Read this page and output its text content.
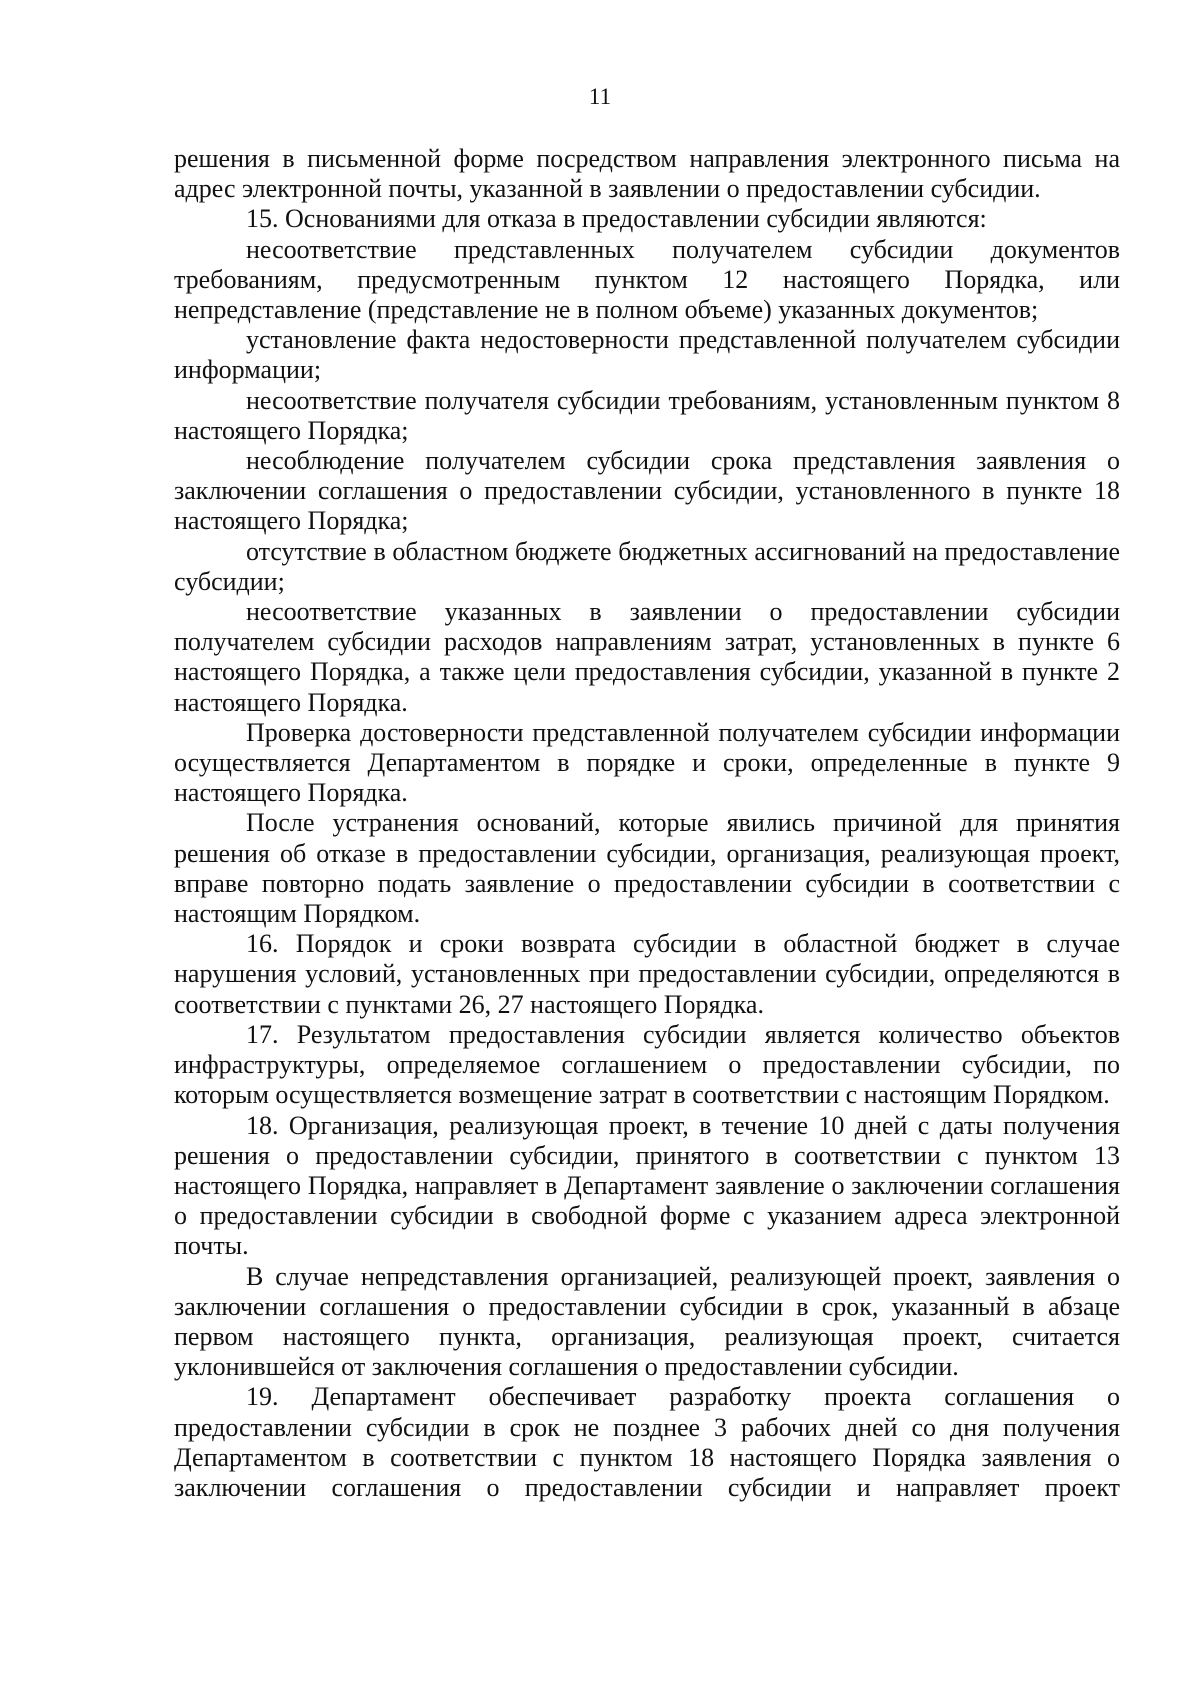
11

решения в письменной форме посредством направления электронного письма на адрес электронной почты, указанной в заявлении о предоставлении субсидии.

15. Основаниями для отказа в предоставлении субсидии являются:

несоответствие представленных получателем субсидии документов требованиям, предусмотренным пунктом 12 настоящего Порядка, или непредставление (представление не в полном объеме) указанных документов;

установление факта недостоверности представленной получателем субсидии информации;

несоответствие получателя субсидии требованиям, установленным пунктом 8 настоящего Порядка;

несоблюдение получателем субсидии срока представления заявления о заключении соглашения о предоставлении субсидии, установленного в пункте 18 настоящего Порядка;

отсутствие в областном бюджете бюджетных ассигнований на предоставление субсидии;

несоответствие указанных в заявлении о предоставлении субсидии получателем субсидии расходов направлениям затрат, установленных в пункте 6 настоящего Порядка, а также цели предоставления субсидии, указанной в пункте 2 настоящего Порядка.

Проверка достоверности представленной получателем субсидии информации осуществляется Департаментом в порядке и сроки, определенные в пункте 9 настоящего Порядка.

После устранения оснований, которые явились причиной для принятия решения об отказе в предоставлении субсидии, организация, реализующая проект, вправе повторно подать заявление о предоставлении субсидии в соответствии с настоящим Порядком.

16. Порядок и сроки возврата субсидии в областной бюджет в случае нарушения условий, установленных при предоставлении субсидии, определяются в соответствии с пунктами 26, 27 настоящего Порядка.

17. Результатом предоставления субсидии является количество объектов инфраструктуры, определяемое соглашением о предоставлении субсидии, по которым осуществляется возмещение затрат в соответствии с настоящим Порядком.

18. Организация, реализующая проект, в течение 10 дней с даты получения решения о предоставлении субсидии, принятого в соответствии с пунктом 13 настоящего Порядка, направляет в Департамент заявление о заключении соглашения о предоставлении субсидии в свободной форме с указанием адреса электронной почты.

В случае непредставления организацией, реализующей проект, заявления о заключении соглашения о предоставлении субсидии в срок, указанный в абзаце первом настоящего пункта, организация, реализующая проект, считается уклонившейся от заключения соглашения о предоставлении субсидии.

19. Департамент обеспечивает разработку проекта соглашения о предоставлении субсидии в срок не позднее 3 рабочих дней со дня получения Департаментом в соответствии с пунктом 18 настоящего Порядка заявления о заключении соглашения о предоставлении субсидии и направляет проект
